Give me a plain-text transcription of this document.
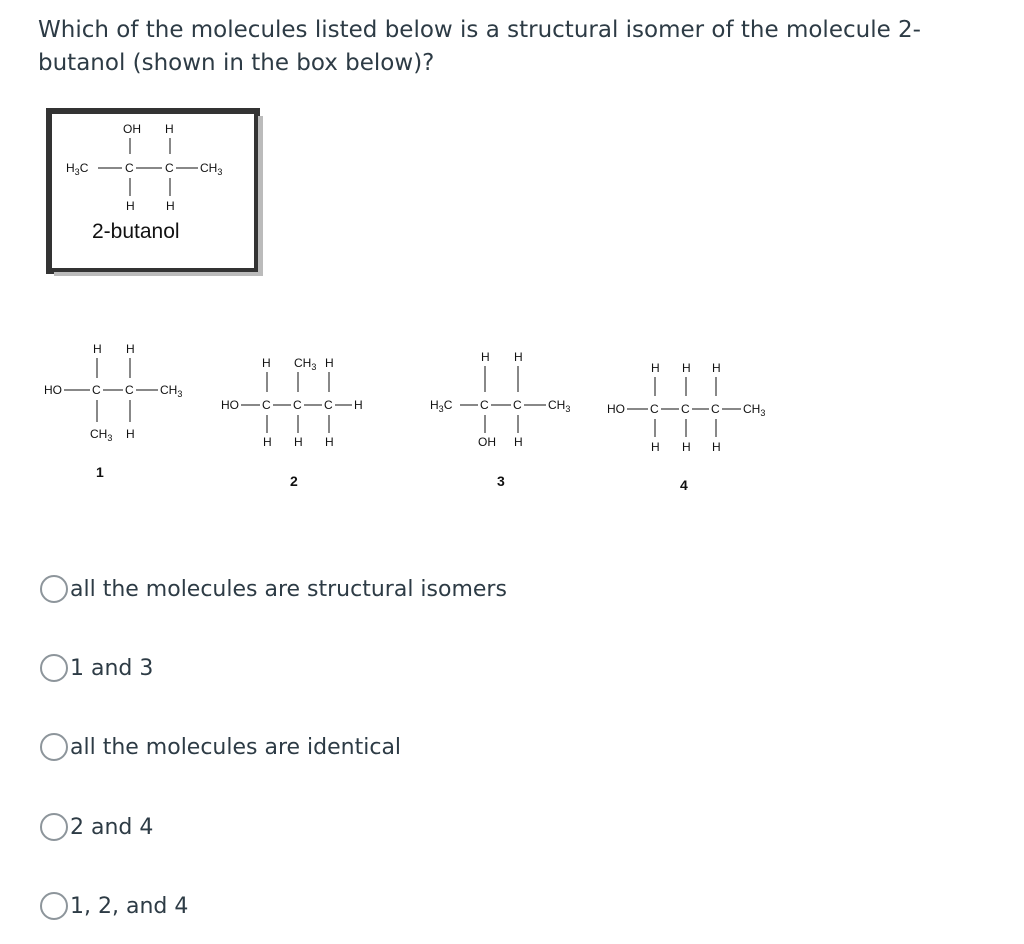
Which of the molecules listed below is a structural isomer of the molecule 2-
butanol (shown in the box below)?
OH H
$H_3C$	C	C $CH_3$
H	H
2-butanol
H H
HO	C C $CH_3$
$CH_3$ H
1
H $CH_3$ H
HO C C C H
H H H
2
H H
$H_3C$ C C $CH_3$
OH H
3
H H H
HO C C C $CH_3$
H H H
4
all the molecules are structural isomers
1 and 3
all the molecules are identical
2 and 4
1, 2, and 4
